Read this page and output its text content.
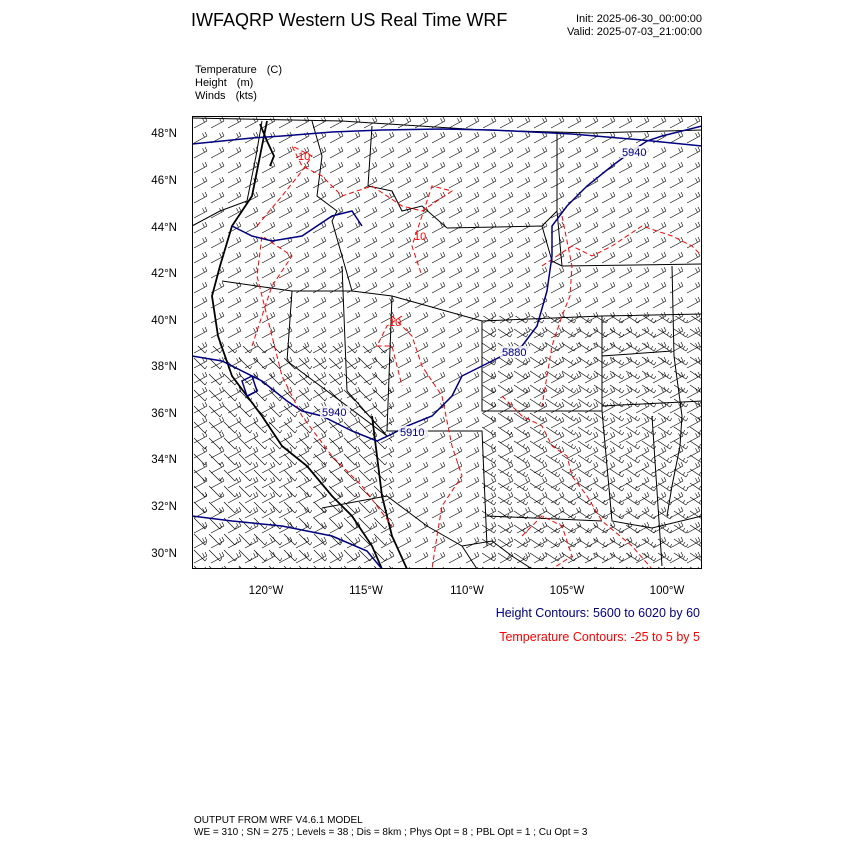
IWFAQRP Western US Real Time WRF	Init: 2025-06-30_00:00:00
Valid: 2025-07-03_21:00:00
Temperature (C)
Height (m)
Winds (kts)
48°N
46°N
44°N
42°N
40°N
38°N
36°N
34°N
32°N
30°N
5940
5880
5910
5940
10
10
10
120°W	115°W	110°W	105°W	100°W
Height Contours: 5600 to 6020 by 60
Temperature Contours: -25 to 5 by 5
OUTPUT FROM WRF V4.6.1 MODEL
WE = 310 ; SN = 275 ; Levels = 38 ; Dis = 8km ; Phys Opt = 8 ; PBL Opt = 1 ; Cu Opt = 3
